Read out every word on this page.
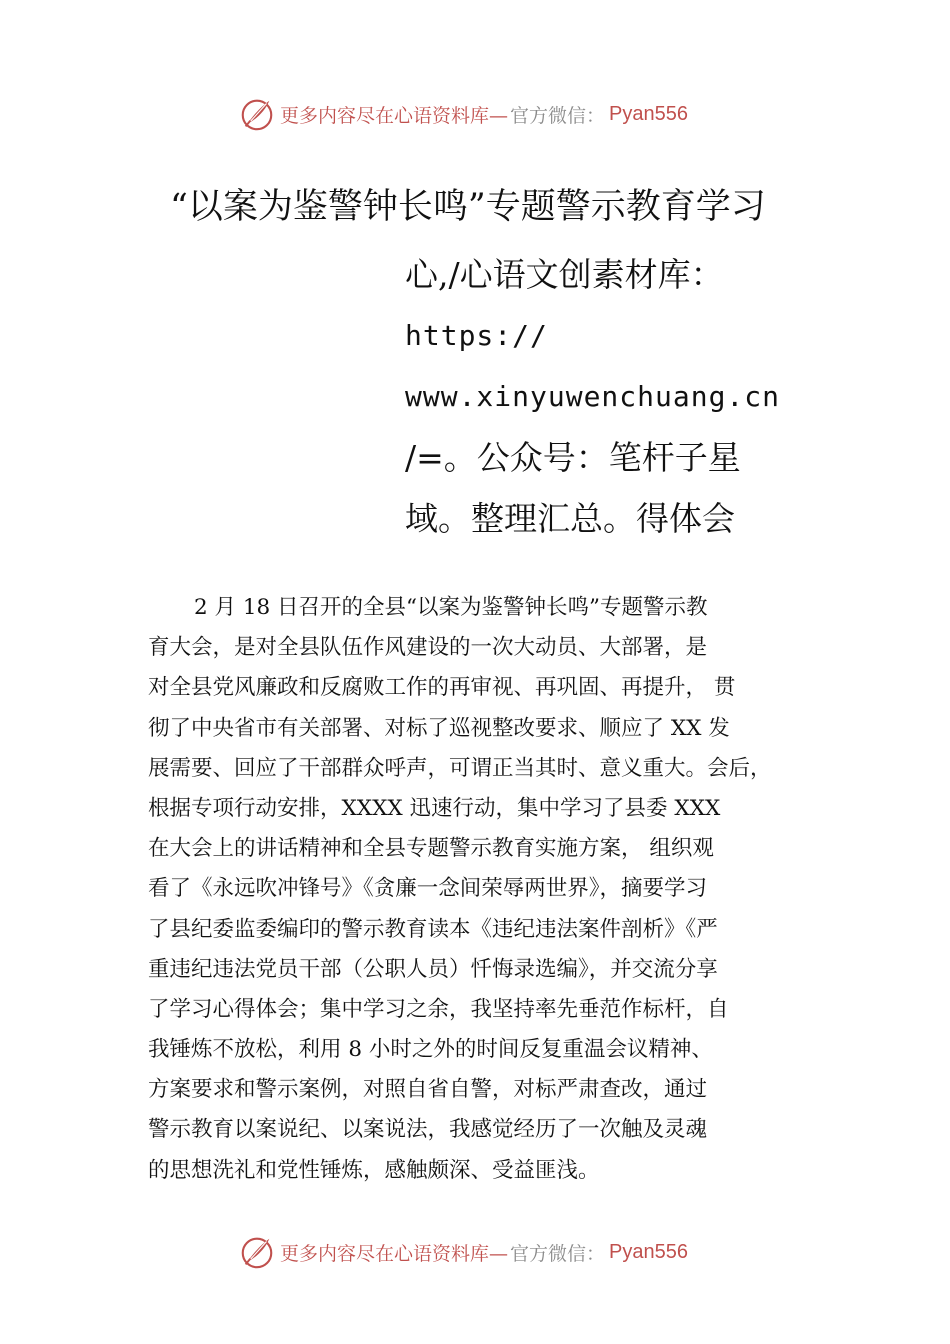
更多内容尽在心语资料库— 官方微信： Pyan556
“以案为鉴警钟长鸣”专题警示教育学习
心,/心语文创素材库：
https://
www.xinyuwenchuang.cn
/=。公众号：笔杆子星
域。整理汇总。得体会
2 月 18 日召开的全县“以案为鉴警钟长鸣”专题警示教
育大会，是对全县队伍作风建设的一次大动员、大部署，是
对全县党风廉政和反腐败工作的再审视、再巩固、再提升， 贯
彻了中央省市有关部署、对标了巡视整改要求、顺应了 XX 发
展需要、回应了干部群众呼声，可谓正当其时、意义重大。会后，
根据专项行动安排，XXXX 迅速行动，集中学习了县委 XXX
在大会上的讲话精神和全县专题警示教育实施方案， 组织观
看了《永远吹冲锋号》《贪廉一念间荣辱两世界》，摘要学习
了县纪委监委编印的警示教育读本《违纪违法案件剖析》《严
重违纪违法党员干部（公职人员）忏悔录选编》，并交流分享
了学习心得体会；集中学习之余，我坚持率先垂范作标杆，自
我锤炼不放松，利用 8 小时之外的时间反复重温会议精神、
方案要求和警示案例，对照自省自警，对标严肃查改，通过
警示教育以案说纪、以案说法，我感觉经历了一次触及灵魂
的思想洗礼和党性锤炼，感触颇深、受益匪浅。
更多内容尽在心语资料库— 官方微信： Pyan556
